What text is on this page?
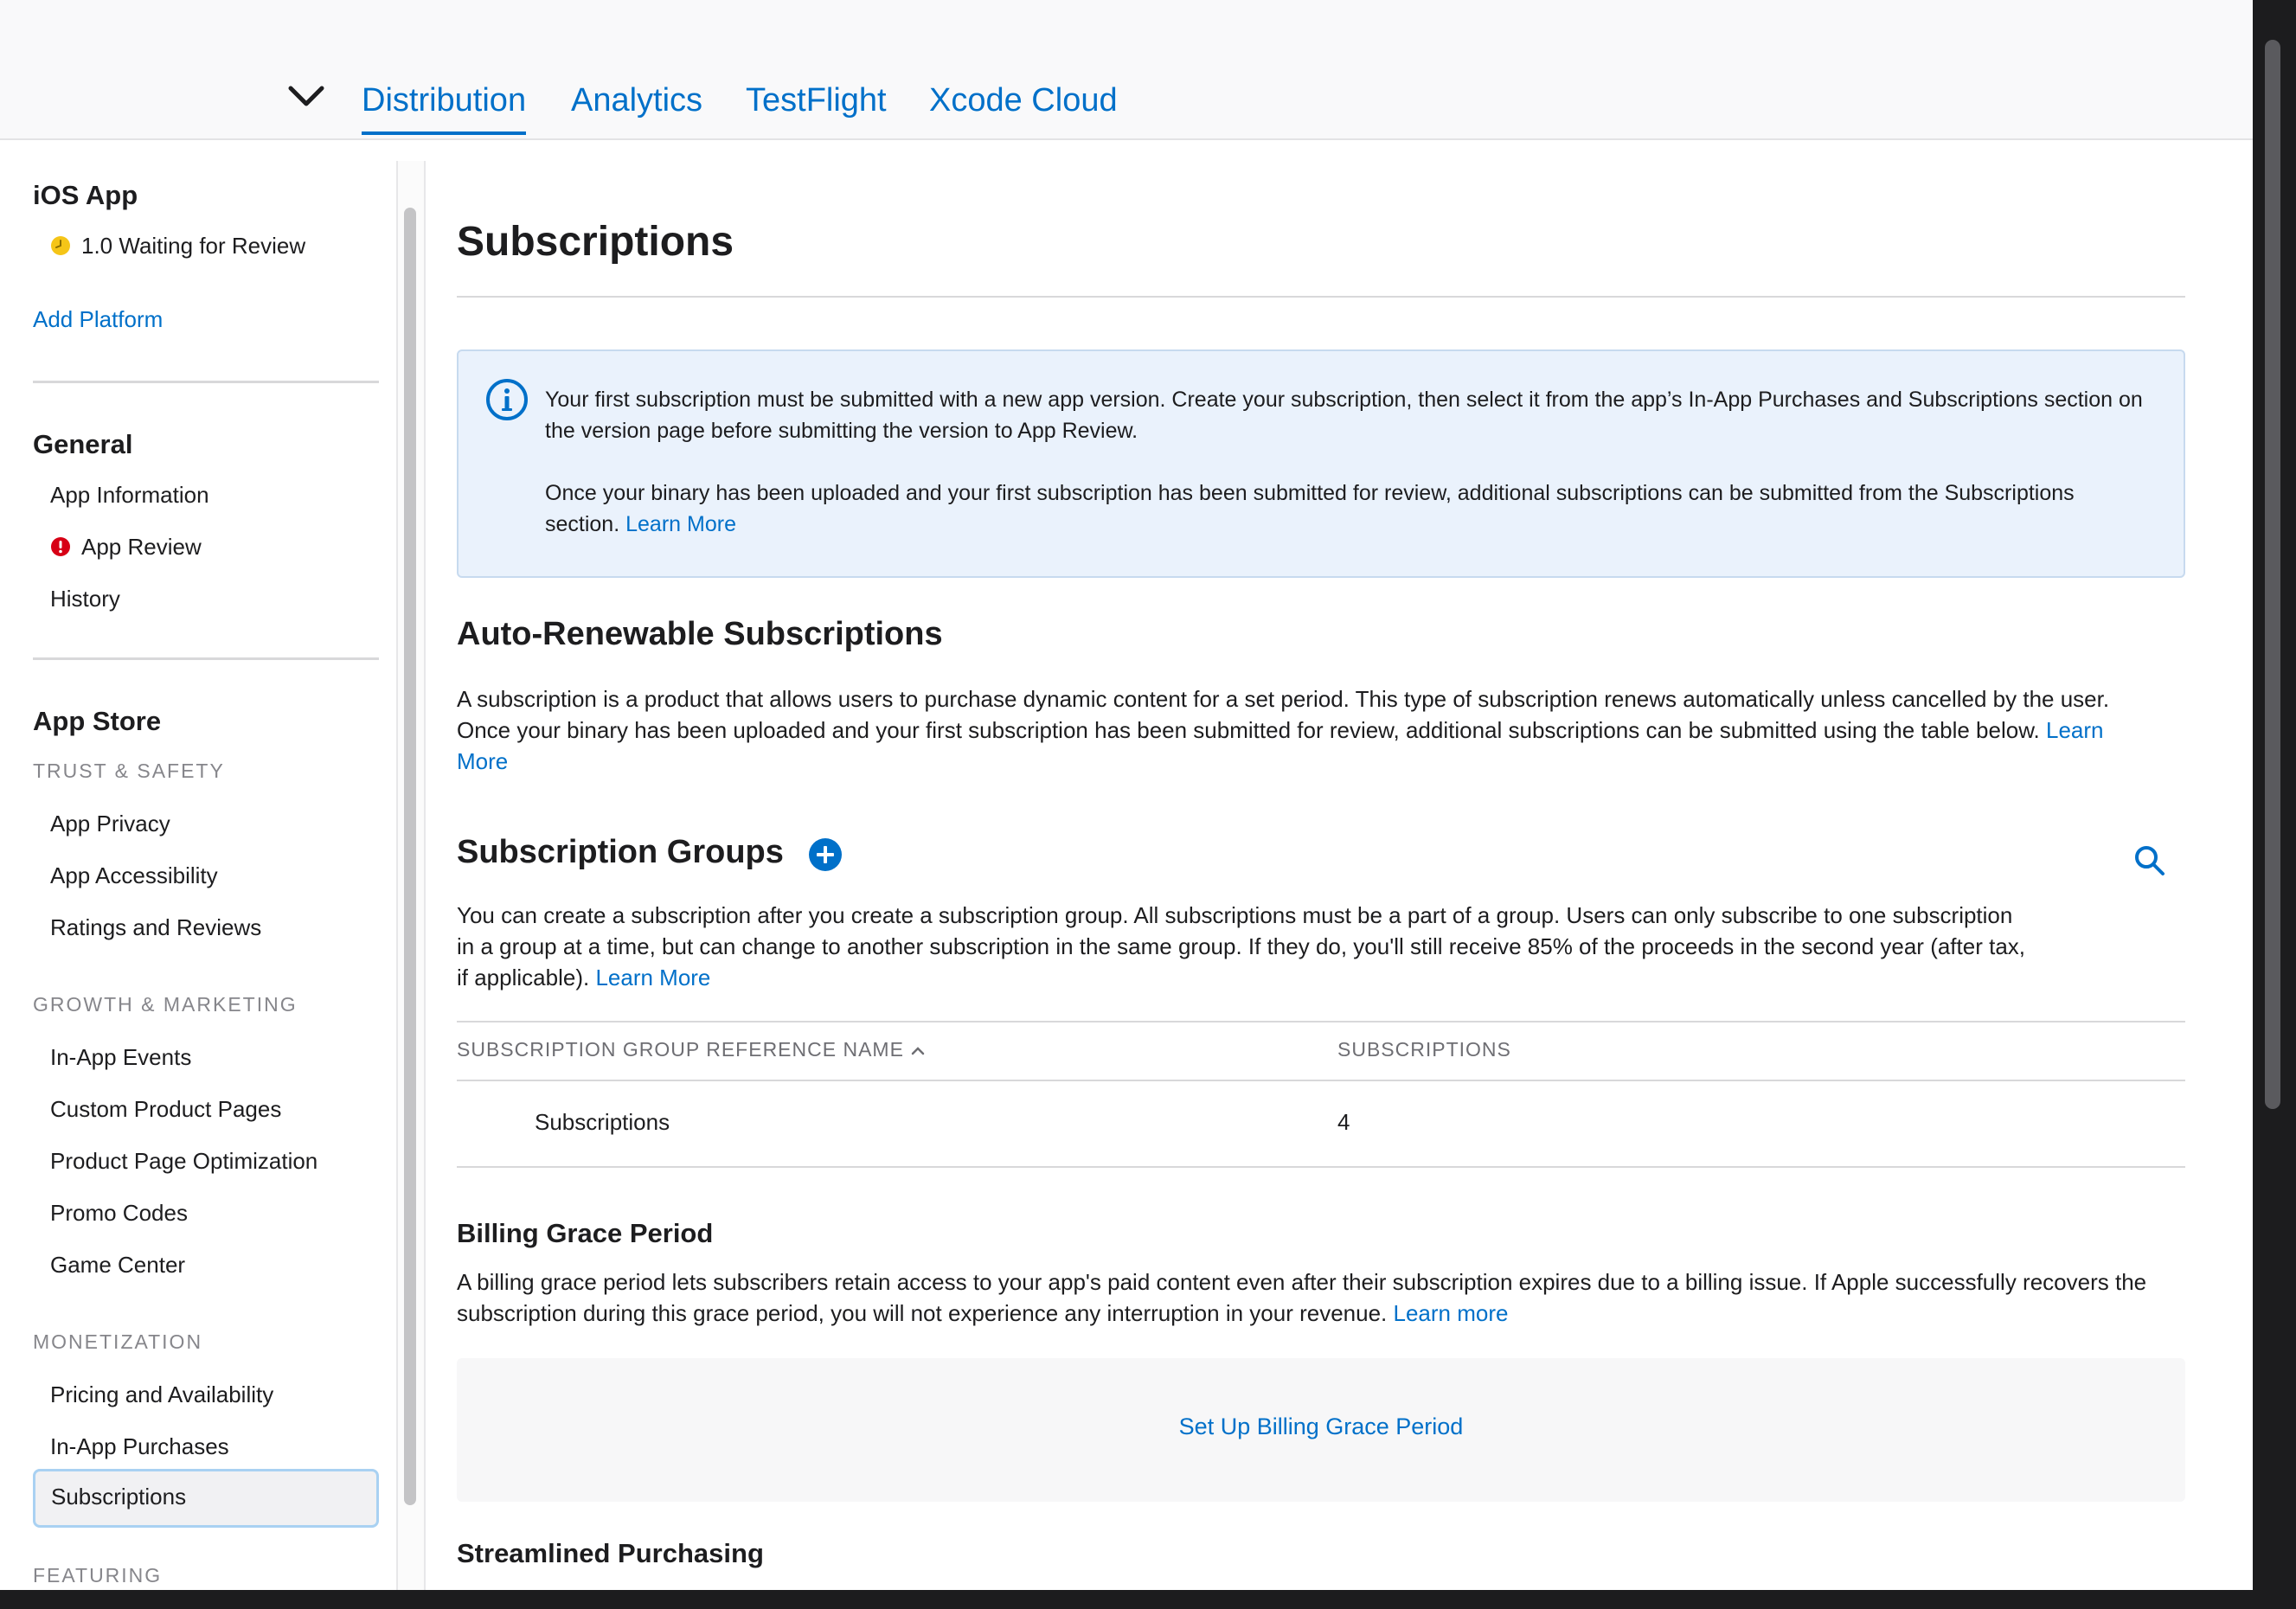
Distribution Analytics TestFlight Xcode Cloud
iOS App
1.0 Waiting for Review
Add Platform
General
App Information
App Review
History
App Store
TRUST & SAFETY
App Privacy
App Accessibility
Ratings and Reviews
GROWTH & MARKETING
In-App Events
Custom Product Pages
Product Page Optimization
Promo Codes
Game Center
MONETIZATION
Pricing and Availability
In-App Purchases
Subscriptions
FEATURING
Subscriptions
Your first subscription must be submitted with a new app version. Create your subscription, then select it from the app’s In-App Purchases and Subscriptions section on the version page before submitting the version to App Review.
Once your binary has been uploaded and your first subscription has been submitted for review, additional subscriptions can be submitted from the Subscriptions section. Learn More
Auto-Renewable Subscriptions
A subscription is a product that allows users to purchase dynamic content for a set period. This type of subscription renews automatically unless cancelled by the user. Once your binary has been uploaded and your first subscription has been submitted for review, additional subscriptions can be submitted using the table below. Learn More
Subscription Groups
You can create a subscription after you create a subscription group. All subscriptions must be a part of a group. Users can only subscribe to one subscription in a group at a time, but can change to another subscription in the same group. If they do, you'll still receive 85% of the proceeds in the second year (after tax, if applicable). Learn More
SUBSCRIPTION GROUP REFERENCE NAME	SUBSCRIPTIONS
Subscriptions	4
Billing Grace Period
A billing grace period lets subscribers retain access to your app's paid content even after their subscription expires due to a billing issue. If Apple successfully recovers the subscription during this grace period, you will not experience any interruption in your revenue. Learn more
Set Up Billing Grace Period
Streamlined Purchasing
